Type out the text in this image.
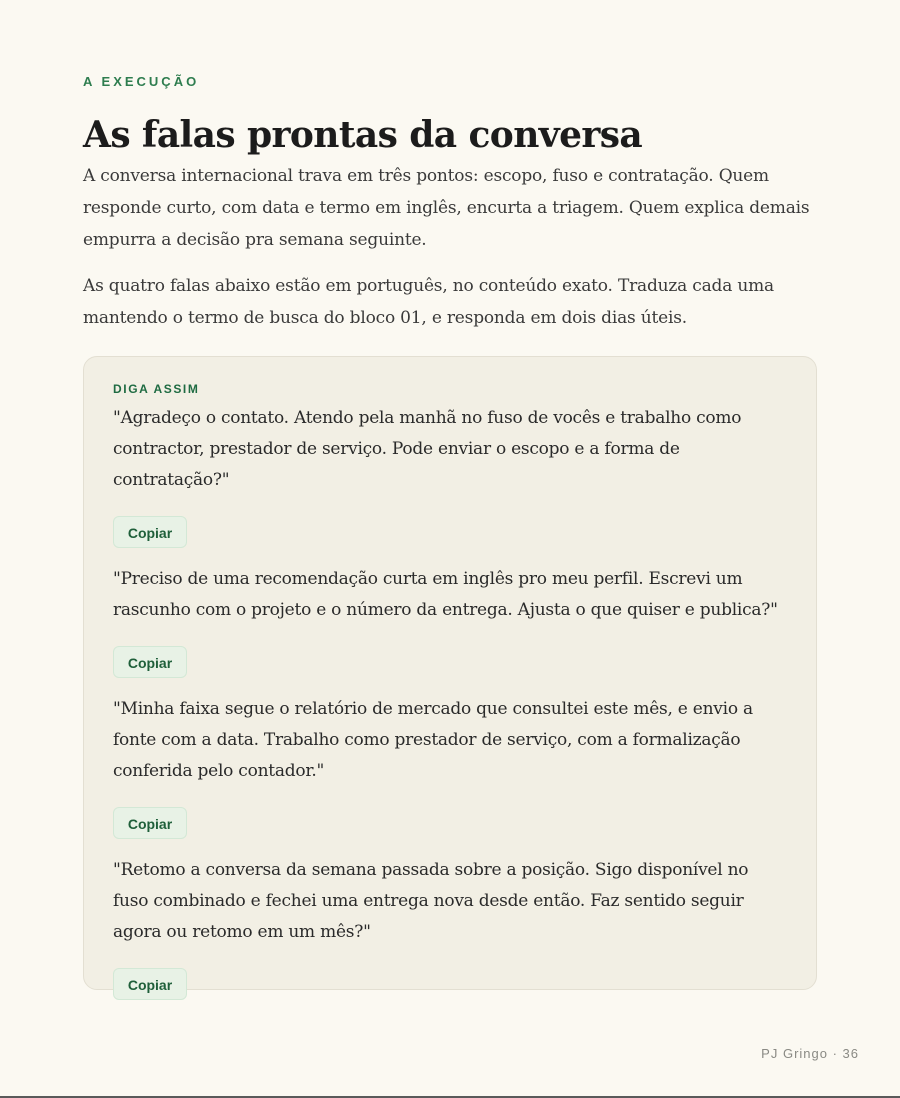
A EXECUÇÃO

As falas prontas da conversa

A conversa internacional trava em três pontos: escopo, fuso e contratação. Quem responde curto, com data e termo em inglês, encurta a triagem. Quem explica demais empurra a decisão pra semana seguinte.

As quatro falas abaixo estão em português, no conteúdo exato. Traduza cada uma mantendo o termo de busca do bloco 01, e responda em dois dias úteis.

DIGA ASSIM

"Agradeço o contato. Atendo pela manhã no fuso de vocês e trabalho como contractor, prestador de serviço. Pode enviar o escopo e a forma de contratação?"

Copiar

"Preciso de uma recomendação curta em inglês pro meu perfil. Escrevi um rascunho com o projeto e o número da entrega. Ajusta o que quiser e publica?"

Copiar

"Minha faixa segue o relatório de mercado que consultei este mês, e envio a fonte com a data. Trabalho como prestador de serviço, com a formalização conferida pelo contador."

Copiar

"Retomo a conversa da semana passada sobre a posição. Sigo disponível no fuso combinado e fechei uma entrega nova desde então. Faz sentido seguir agora ou retomo em um mês?"

Copiar
PJ Gringo · 36
